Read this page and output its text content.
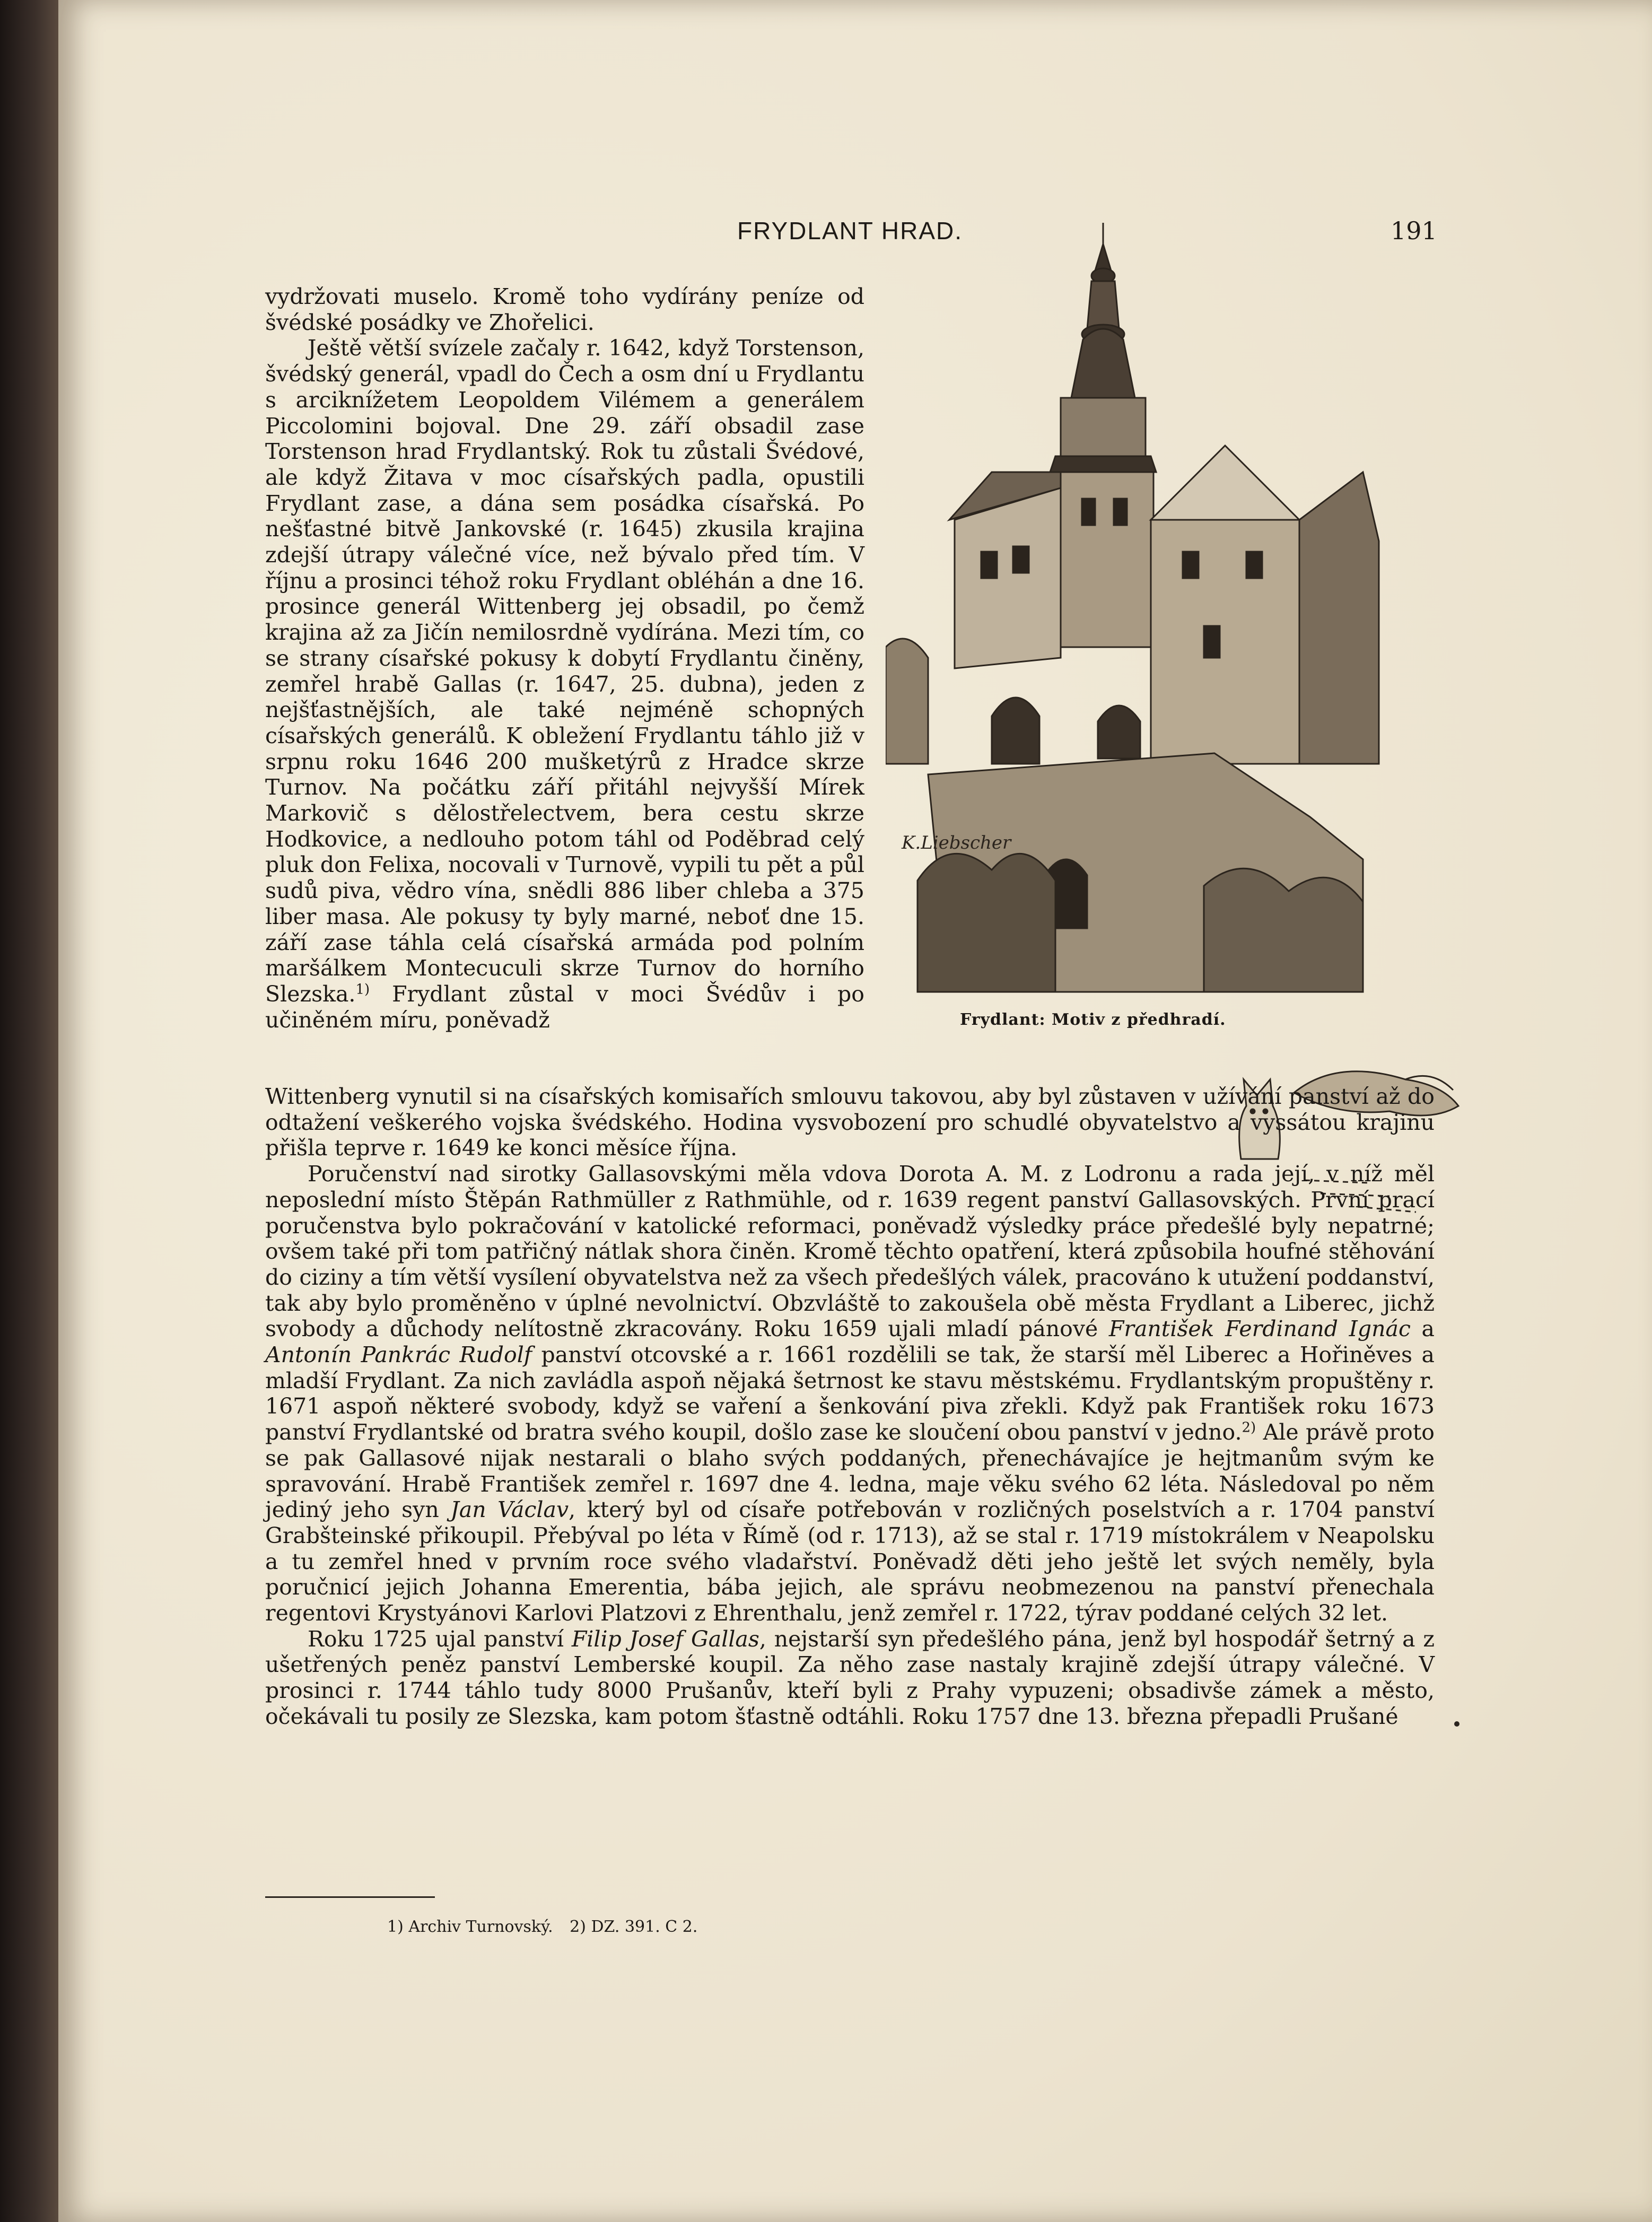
FRYDLANT HRAD.	191
K.Liebscher
Frydlant: Motiv z předhradí.

vydržovati muselo. Kromě toho vydírány peníze od švédské posádky ve Zhořelici.

Ještě větší svízele začaly r. 1642, když Torstenson, švédský generál, vpadl do Čech a osm dní u Frydlantu s arciknížetem Leopoldem Vilémem a generálem Piccolomini bojoval. Dne 29. září obsadil zase Torstenson hrad Frydlantský. Rok tu zůstali Švédové, ale když Žitava v moc císařských padla, opustili Frydlant zase, a dána sem posádka císařská. Po nešťastné bitvě Jankovské (r. 1645) zkusila krajina zdejší útrapy válečné více, než bývalo před tím. V říjnu a prosinci téhož roku Frydlant obléhán a dne 16. prosince generál Wittenberg jej obsadil, po čemž krajina až za Jičín nemilosrdně vydírána. Mezi tím, co se strany císařské pokusy k dobytí Frydlantu činěny, zemřel hrabě Gallas (r. 1647, 25. dubna), jeden z nejšťastnějších, ale také nejméně schopných císařských generálů. K obležení Frydlantu táhlo již v srpnu roku 1646 200 mušketýrů z Hradce skrze Turnov. Na počátku září přitáhl nejvyšší Mírek Markovič s dělostřelectvem, bera cestu skrze Hodkovice, a nedlouho potom táhl od Poděbrad celý pluk don Felixa, nocovali v Turnově, vypili tu pět a půl sudů piva, vědro vína, snědli 886 liber chleba a 375 liber masa. Ale pokusy ty byly marné, neboť dne 15. září zase táhla celá císařská armáda pod polním maršálkem Montecuculi skrze Turnov do horního Slezska.$^{1)}$ Frydlant zůstal v moci Švédův i po učiněném míru, poněvadž

Wittenberg vynutil si na císařských komisařích smlouvu takovou, aby byl zůstaven v užívání panství až do odtažení veškerého vojska švédského. Hodina vysvobození pro schudlé obyvatelstvo a vyssátou krajinu přišla teprve r. 1649 ke konci měsíce října.

Poručenství nad sirotky Gallasovskými měla vdova Dorota A. M. z Lodronu a rada její, v níž měl neposlední místo Štěpán Rathmüller z Rathmühle, od r. 1639 regent panství Gallasovských. První prací poručenstva bylo pokračování v katolické reformaci, poněvadž výsledky práce předešlé byly nepatrné; ovšem také při tom patřičný nátlak shora činěn. Kromě těchto opatření, která způsobila houfné stěhování do ciziny a tím větší vysílení obyvatelstva než za všech předešlých válek, pracováno k utužení poddanství, tak aby bylo proměněno v úplné nevolnictví. Obzvláště to zakoušela obě města Frydlant a Liberec, jichž svobody a důchody nelítostně zkracovány. Roku 1659 ujali mladí pánové František Ferdinand Ignác a Antonín Pankrác Rudolf panství otcovské a r. 1661 rozdělili se tak, že starší měl Liberec a Hořiněves a mladší Frydlant. Za nich zavládla aspoň nějaká šetrnost ke stavu městskému. Frydlantským propuštěny r. 1671 aspoň některé svobody, když se vaření a šenkování piva zřekli. Když pak František roku 1673 panství Frydlantské od bratra svého koupil, došlo zase ke sloučení obou panství v jedno.$^{2)}$ Ale právě proto se pak Gallasové nijak nestarali o blaho svých poddaných, přenechávajíce je hejtmanům svým ke spravování. Hrabě František zemřel r. 1697 dne 4. ledna, maje věku svého 62 léta. Následoval po něm jediný jeho syn Jan Václav, který byl od císaře potřebován v rozličných poselstvích a r. 1704 panství Grabšteinské přikoupil. Přebýval po léta v Římě (od r. 1713), až se stal r. 1719 místokrálem v Neapolsku a tu zemřel hned v prvním roce svého vladařství. Poněvadž děti jeho ještě let svých neměly, byla poručnicí jejich Johanna Emerentia, bába jejich, ale správu neobmezenou na panství přenechala regentovi Krystyánovi Karlovi Platzovi z Ehrenthalu, jenž zemřel r. 1722, týrav poddané celých 32 let.

Roku 1725 ujal panství Filip Josef Gallas, nejstarší syn předešlého pána, jenž byl hospodář šetrný a z ušetřených peněz panství Lemberské koupil. Za něho zase nastaly krajině zdejší útrapy válečné. V prosinci r. 1744 táhlo tudy 8000 Prušanův, kteří byli z Prahy vypuzeni; obsadivše zámek a město, očekávali tu posily ze Slezska, kam potom šťastně odtáhli. Roku 1757 dne 13. března přepadli Prušané

1) Archiv Turnovský. 2) DZ. 391. C 2.
